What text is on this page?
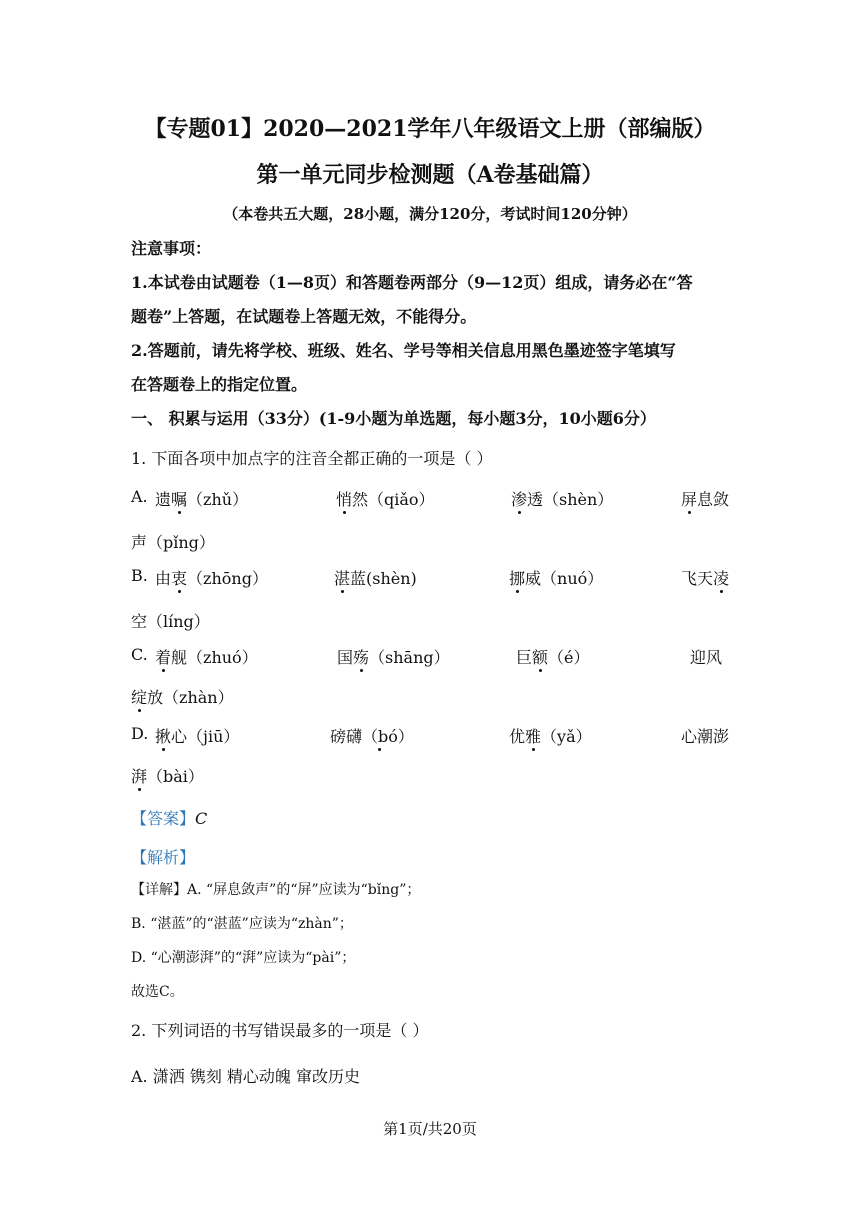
【专题01】2020—2021学年八年级语文上册（部编版）
第一单元同步检测题（A卷基础篇）
（本卷共五大题，28小题，满分120分，考试时间120分钟）
注意事项：
1.本试卷由试题卷（1—8页）和答题卷两部分（9—12页）组成，请务必在“答
题卷”上答题，在试题卷上答题无效，不能得分。
2.答题前，请先将学校、班级、姓名、学号等相关信息用黑色墨迹签字笔填写
在答题卷上的指定位置。
一、 积累与运用（33分）(1-9小题为单选题，每小题3分，10小题6分）
1. 下面各项中加点字的注音全都正确的一项是（ ）
A. 遗嘱（zhǔ）	悄然（qiǎo）	渗透（shèn）	屏息敛
声（pǐng）
B. 由衷（zhōng）	湛蓝(shèn)	挪威（nuó）	飞天凌
空（líng）
C. 着舰（zhuó）	国殇（shāng）	巨额（é）	迎风
绽放（zhàn）
D. 揪心（jiū）	磅礴（bó）	优雅（yǎ）	心潮澎
湃（bài）
【答案】C
【解析】
【详解】A. “屏息敛声”的“屏”应读为“bǐng”；
B. “湛蓝”的“湛蓝”应读为“zhàn”；
D. “心潮澎湃”的“湃”应读为“pài”；
故选C。
2. 下列词语的书写错误最多的一项是（ ）
A. 潇洒 镌刻 精心动魄 窜改历史
第1页/共20页
